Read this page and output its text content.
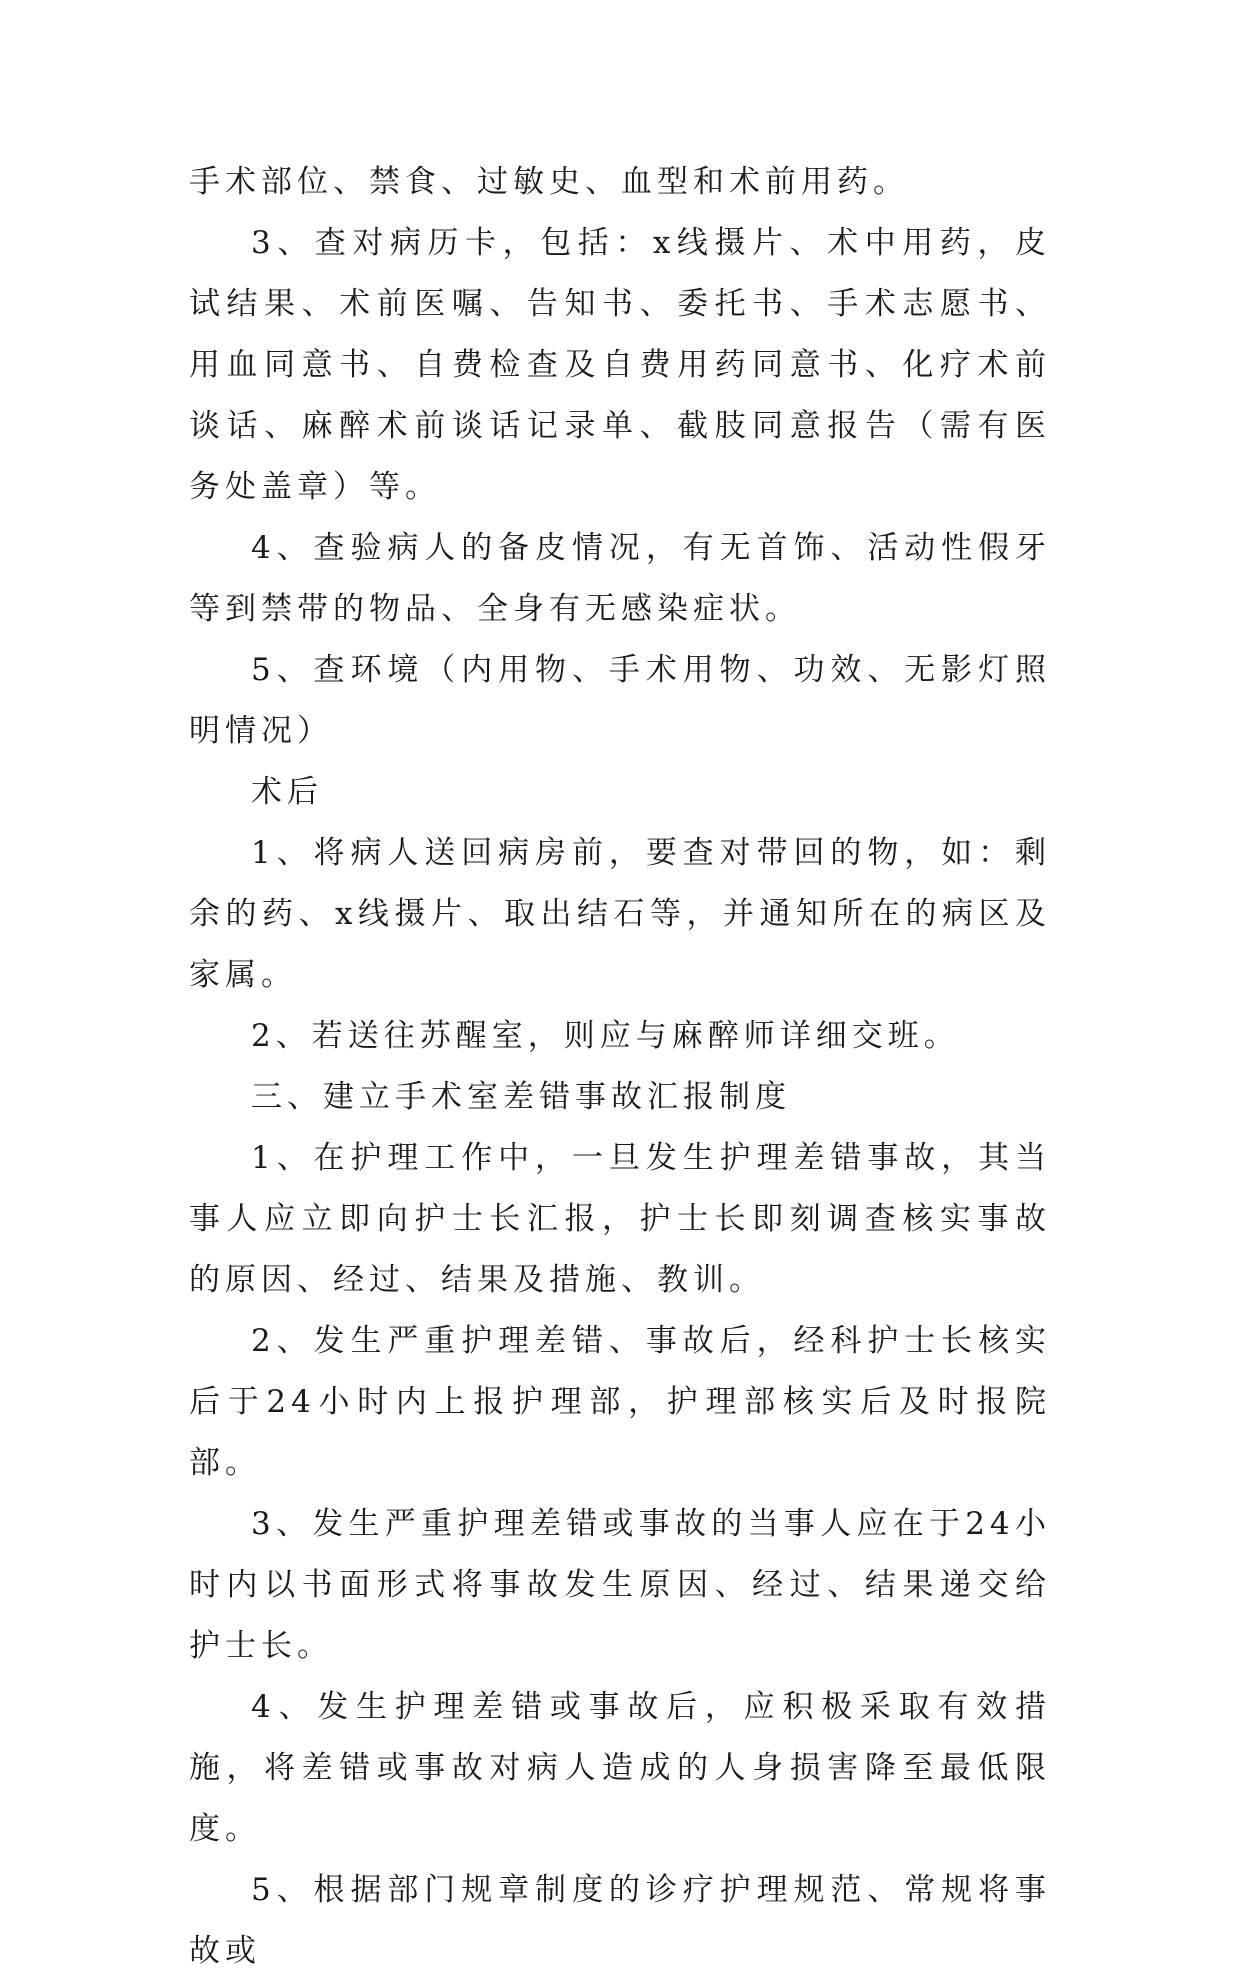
手术部位、禁食、过敏史、血型和术前用药。

3、查对病历卡，包括：x线摄片、术中用药，皮试结果、术前医嘱、告知书、委托书、手术志愿书、用血同意书、自费检查及自费用药同意书、化疗术前谈话、麻醉术前谈话记录单、截肢同意报告（需有医务处盖章）等。

4、查验病人的备皮情况，有无首饰、活动性假牙等到禁带的物品、全身有无感染症状。

5、查环境（内用物、手术用物、功效、无影灯照明情况）

术后

1、将病人送回病房前，要查对带回的物，如：剩余的药、x线摄片、取出结石等，并通知所在的病区及家属。

2、若送往苏醒室，则应与麻醉师详细交班。

三、建立手术室差错事故汇报制度

1、在护理工作中，一旦发生护理差错事故，其当事人应立即向护士长汇报，护士长即刻调查核实事故的原因、经过、结果及措施、教训。

2、发生严重护理差错、事故后，经科护士长核实后于24小时内上报护理部，护理部核实后及时报院部。

3、发生严重护理差错或事故的当事人应在于24小时内以书面形式将事故发生原因、经过、结果递交给护士长。

4、发生护理差错或事故后，应积极采取有效措施，将差错或事故对病人造成的人身损害降至最低限度。

5、根据部门规章制度的诊疗护理规范、常规将事故或
